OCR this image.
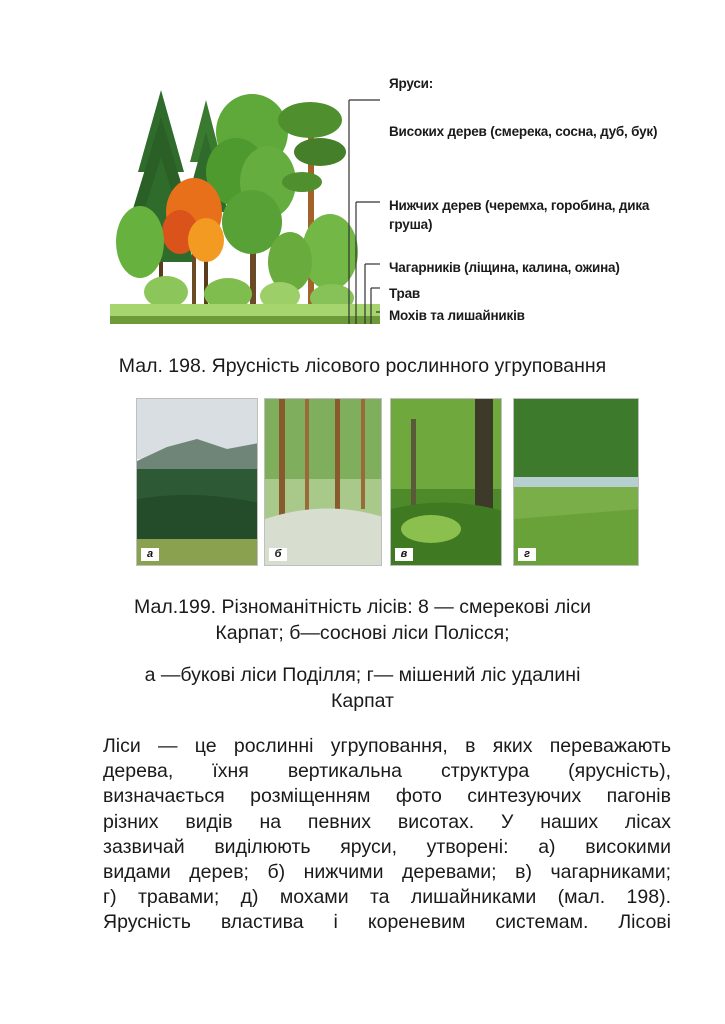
Яруси:
Високих дерев (смерека, сосна, дуб, бук)
Нижчих дерев (черемха, горобина, дика груша)
Чагарників (ліщина, калина, ожина)
Трав
Мохів та лишайників
Мал. 198. Ярусність лісового рослинного угруповання
а	б	в	г
Мал.199. Різноманітність лісів: 8 — смерекові ліси
Карпат; б—соснові ліси Полісся;
а —букові ліси Поділля; г— мішений ліс удалині
Карпат
Ліси — це рослинні угруповання, в яких переважають
дерева, їхня вертикальна структура (ярусність),
визначається розміщенням фото синтезуючих пагонів
різних видів на певних висотах. У наших лісах
зазвичай виділюють яруси, утворені: а) високими
видами дерев; б) нижчими деревами; в) чагарниками;
г) травами; д) мохами та лишайниками (мал. 198).
Ярусність властива і кореневим системам. Лісові
